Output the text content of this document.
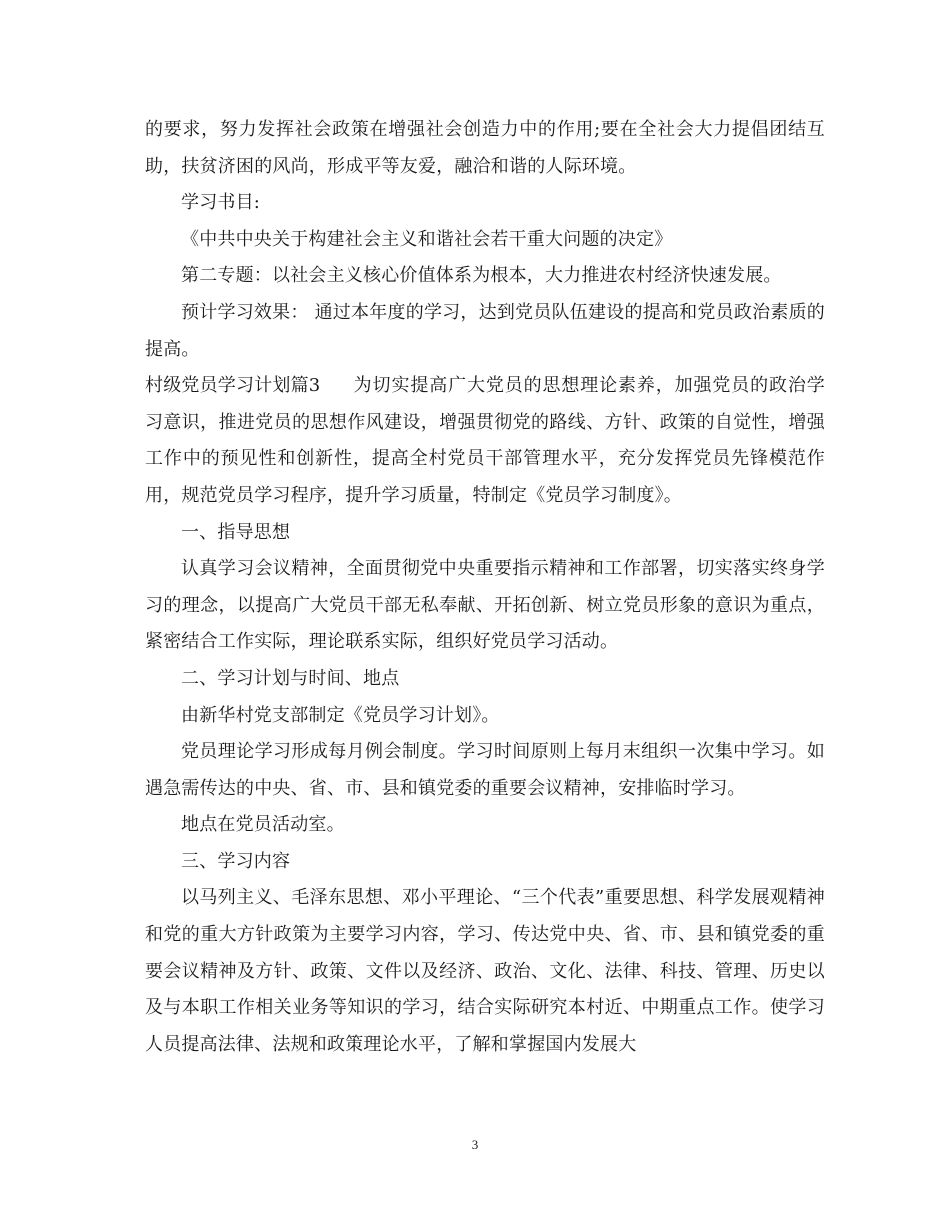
的要求，努力发挥社会政策在增强社会创造力中的作用;要在全社会大力提倡团结互助，扶贫济困的风尚，形成平等友爱，融洽和谐的人际环境。

学习书目:

《中共中央关于构建社会主义和谐社会若干重大问题的决定》

第二专题：以社会主义核心价值体系为根本，大力推进农村经济快速发展。

预计学习效果： 通过本年度的学习，达到党员队伍建设的提高和党员政治素质的提高。

村级党员学习计划篇3 为切实提高广大党员的思想理论素养，加强党员的政治学习意识，推进党员的思想作风建设，增强贯彻党的路线、方针、政策的自觉性，增强工作中的预见性和创新性，提高全村党员干部管理水平，充分发挥党员先锋模范作用，规范党员学习程序，提升学习质量，特制定《党员学习制度》。

一、指导思想

认真学习会议精神，全面贯彻党中央重要指示精神和工作部署，切实落实终身学习的理念，以提高广大党员干部无私奉献、开拓创新、树立党员形象的意识为重点，紧密结合工作实际，理论联系实际，组织好党员学习活动。

二、学习计划与时间、地点

由新华村党支部制定《党员学习计划》。

党员理论学习形成每月例会制度。学习时间原则上每月末组织一次集中学习。如遇急需传达的中央、省、市、县和镇党委的重要会议精神，安排临时学习。

地点在党员活动室。

三、学习内容

以马列主义、毛泽东思想、邓小平理论、“三个代表”重要思想、科学发展观精神和党的重大方针政策为主要学习内容，学习、传达党中央、省、市、县和镇党委的重要会议精神及方针、政策、文件以及经济、政治、文化、法律、科技、管理、历史以及与本职工作相关业务等知识的学习，结合实际研究本村近、中期重点工作。使学习人员提高法律、法规和政策理论水平，了解和掌握国内发展大

3
